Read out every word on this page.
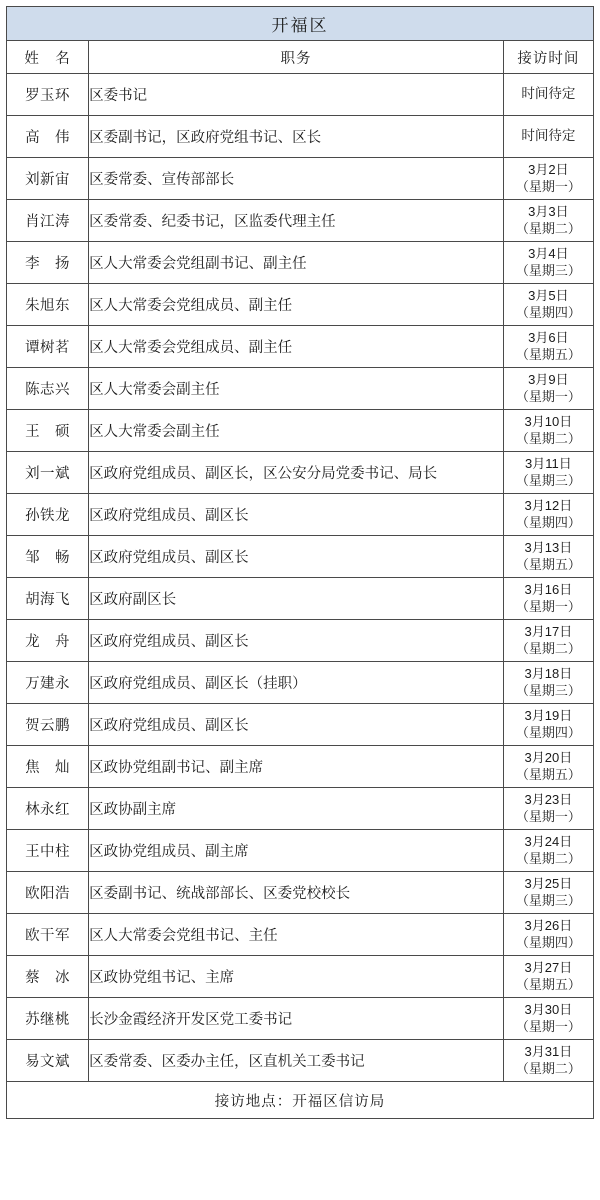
开福区		
姓　名	职务	接访时间
罗玉环	区委书记	时间待定
高　伟	区委副书记，区政府党组书记、区长	时间待定
刘新宙	区委常委、宣传部部长	3月2日
（星期一）

肖江涛	区委常委、纪委书记，区监委代理主任	3月3日
（星期二）

李　扬	区人大常委会党组副书记、副主任	3月4日
（星期三）

朱旭东	区人大常委会党组成员、副主任	3月5日
（星期四）

谭树茗	区人大常委会党组成员、副主任	3月6日
（星期五）

陈志兴	区人大常委会副主任	3月9日
（星期一）

王　硕	区人大常委会副主任	3月10日
（星期二）

刘一斌	区政府党组成员、副区长，区公安分局党委书记、局长	3月11日
（星期三）

孙铁龙	区政府党组成员、副区长	3月12日
（星期四）

邹　畅	区政府党组成员、副区长	3月13日
（星期五）

胡海飞	区政府副区长	3月16日
（星期一）

龙　舟	区政府党组成员、副区长	3月17日
（星期二）

万建永	区政府党组成员、副区长（挂职）	3月18日
（星期三）

贺云鹏	区政府党组成员、副区长	3月19日
（星期四）

焦　灿	区政协党组副书记、副主席	3月20日
（星期五）

林永红	区政协副主席	3月23日
（星期一）

王中柱	区政协党组成员、副主席	3月24日
（星期二）

欧阳浩	区委副书记、统战部部长、区委党校校长	3月25日
（星期三）

欧干军	区人大常委会党组书记、主任	3月26日
（星期四）

蔡　冰	区政协党组书记、主席	3月27日
（星期五）

苏继桃	长沙金霞经济开发区党工委书记	3月30日
（星期一）

易文斌	区委常委、区委办主任，区直机关工委书记	3月31日
（星期二）

接访地点：开福区信访局		
